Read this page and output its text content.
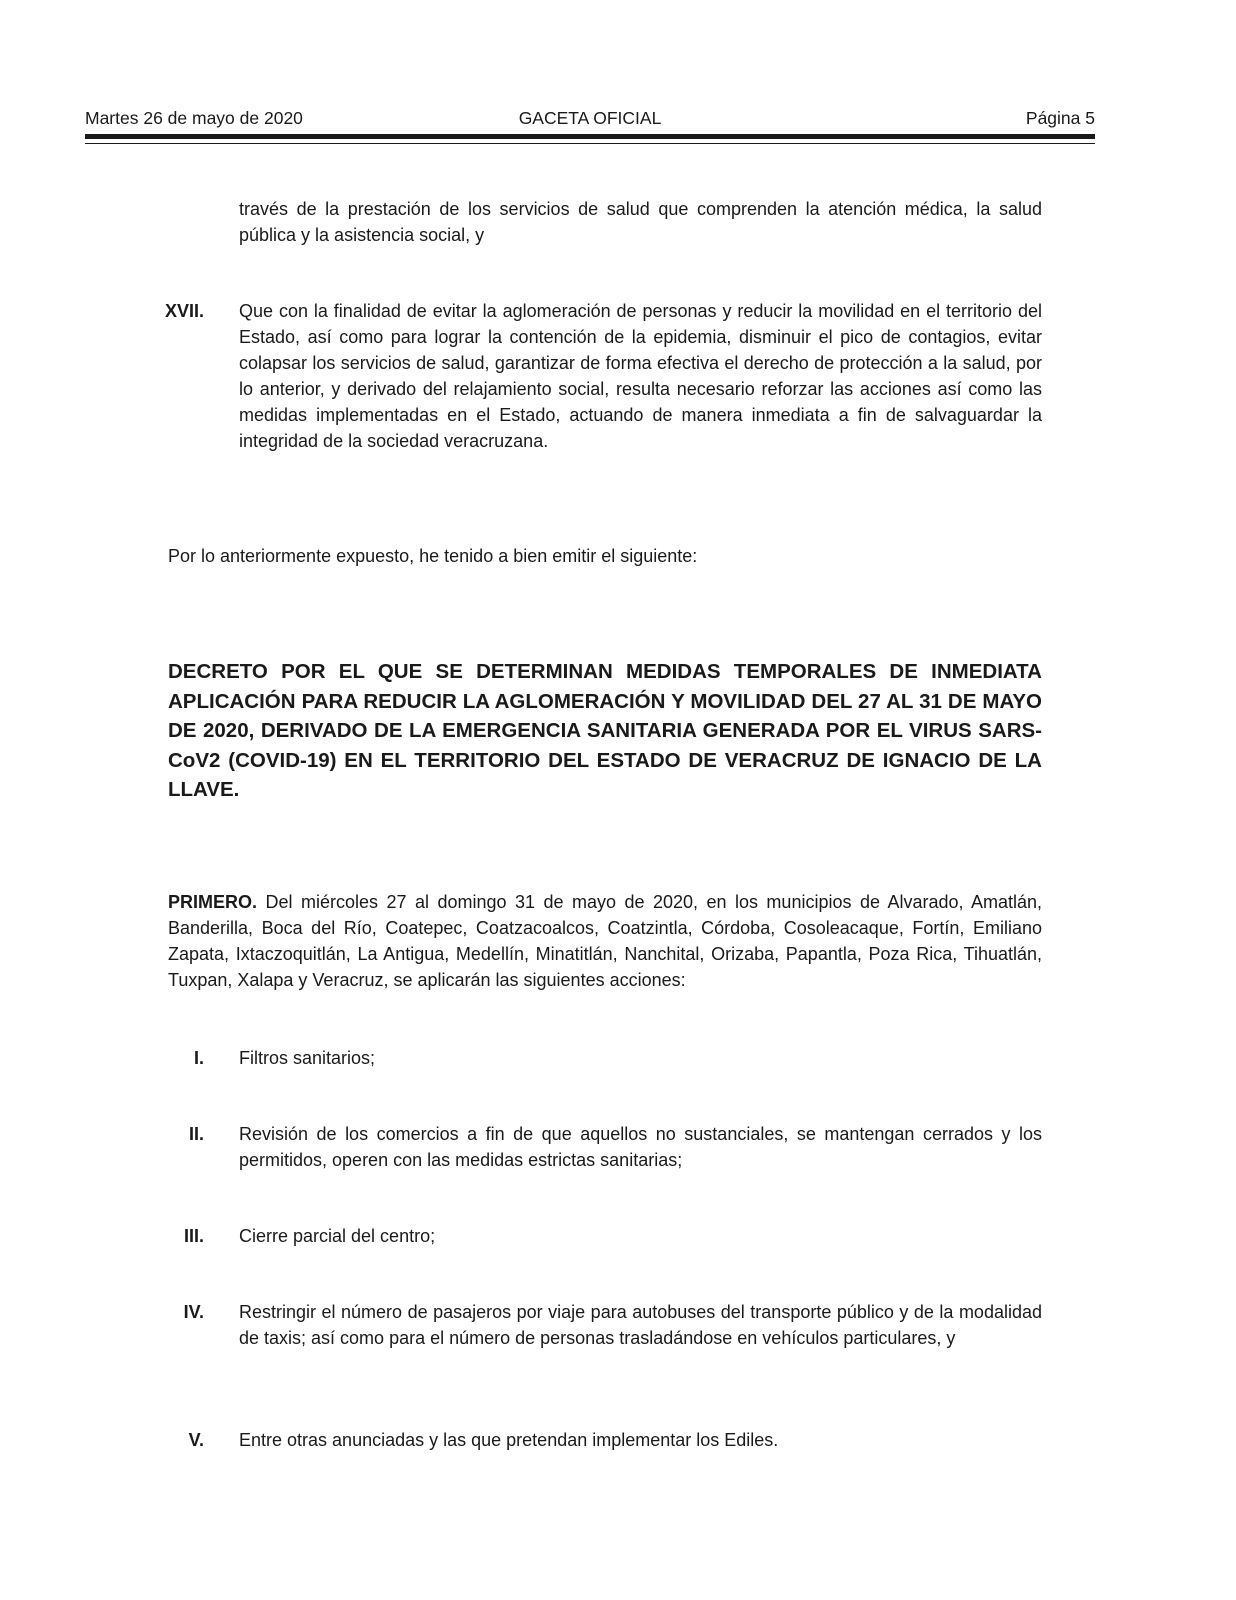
Martes 26 de mayo de 2020	GACETA OFICIAL	Página 5

través de la prestación de los servicios de salud que comprenden la atención médica, la salud pública y la asistencia social, y

XVII. Que con la finalidad de evitar la aglomeración de personas y reducir la movilidad en el territorio del Estado, así como para lograr la contención de la epidemia, disminuir el pico de contagios, evitar colapsar los servicios de salud, garantizar de forma efectiva el derecho de protección a la salud, por lo anterior, y derivado del relajamiento social, resulta necesario reforzar las acciones así como las medidas implementadas en el Estado, actuando de manera inmediata a fin de salvaguardar la integridad de la sociedad veracruzana.

Por lo anteriormente expuesto, he tenido a bien emitir el siguiente:

DECRETO POR EL QUE SE DETERMINAN MEDIDAS TEMPORALES DE INMEDIATA APLICACIÓN PARA REDUCIR LA AGLOMERACIÓN Y MOVILIDAD DEL 27 AL 31 DE MAYO DE 2020, DERIVADO DE LA EMERGENCIA SANITARIA GENERADA POR EL VIRUS SARS-CoV2 (COVID-19) EN EL TERRITORIO DEL ESTADO DE VERACRUZ DE IGNACIO DE LA LLAVE.

PRIMERO. Del miércoles 27 al domingo 31 de mayo de 2020, en los municipios de Alvarado, Amatlán, Banderilla, Boca del Río, Coatepec, Coatzacoalcos, Coatzintla, Córdoba, Cosoleacaque, Fortín, Emiliano Zapata, Ixtaczoquitlán, La Antigua, Medellín, Minatitlán, Nanchital, Orizaba, Papantla, Poza Rica, Tihuatlán, Tuxpan, Xalapa y Veracruz, se aplicarán las siguientes acciones:

I. Filtros sanitarios;

II. Revisión de los comercios a fin de que aquellos no sustanciales, se mantengan cerrados y los permitidos, operen con las medidas estrictas sanitarias;

III. Cierre parcial del centro;

IV. Restringir el número de pasajeros por viaje para autobuses del transporte público y de la modalidad de taxis; así como para el número de personas trasladándose en vehículos particulares, y

V. Entre otras anunciadas y las que pretendan implementar los Ediles.
